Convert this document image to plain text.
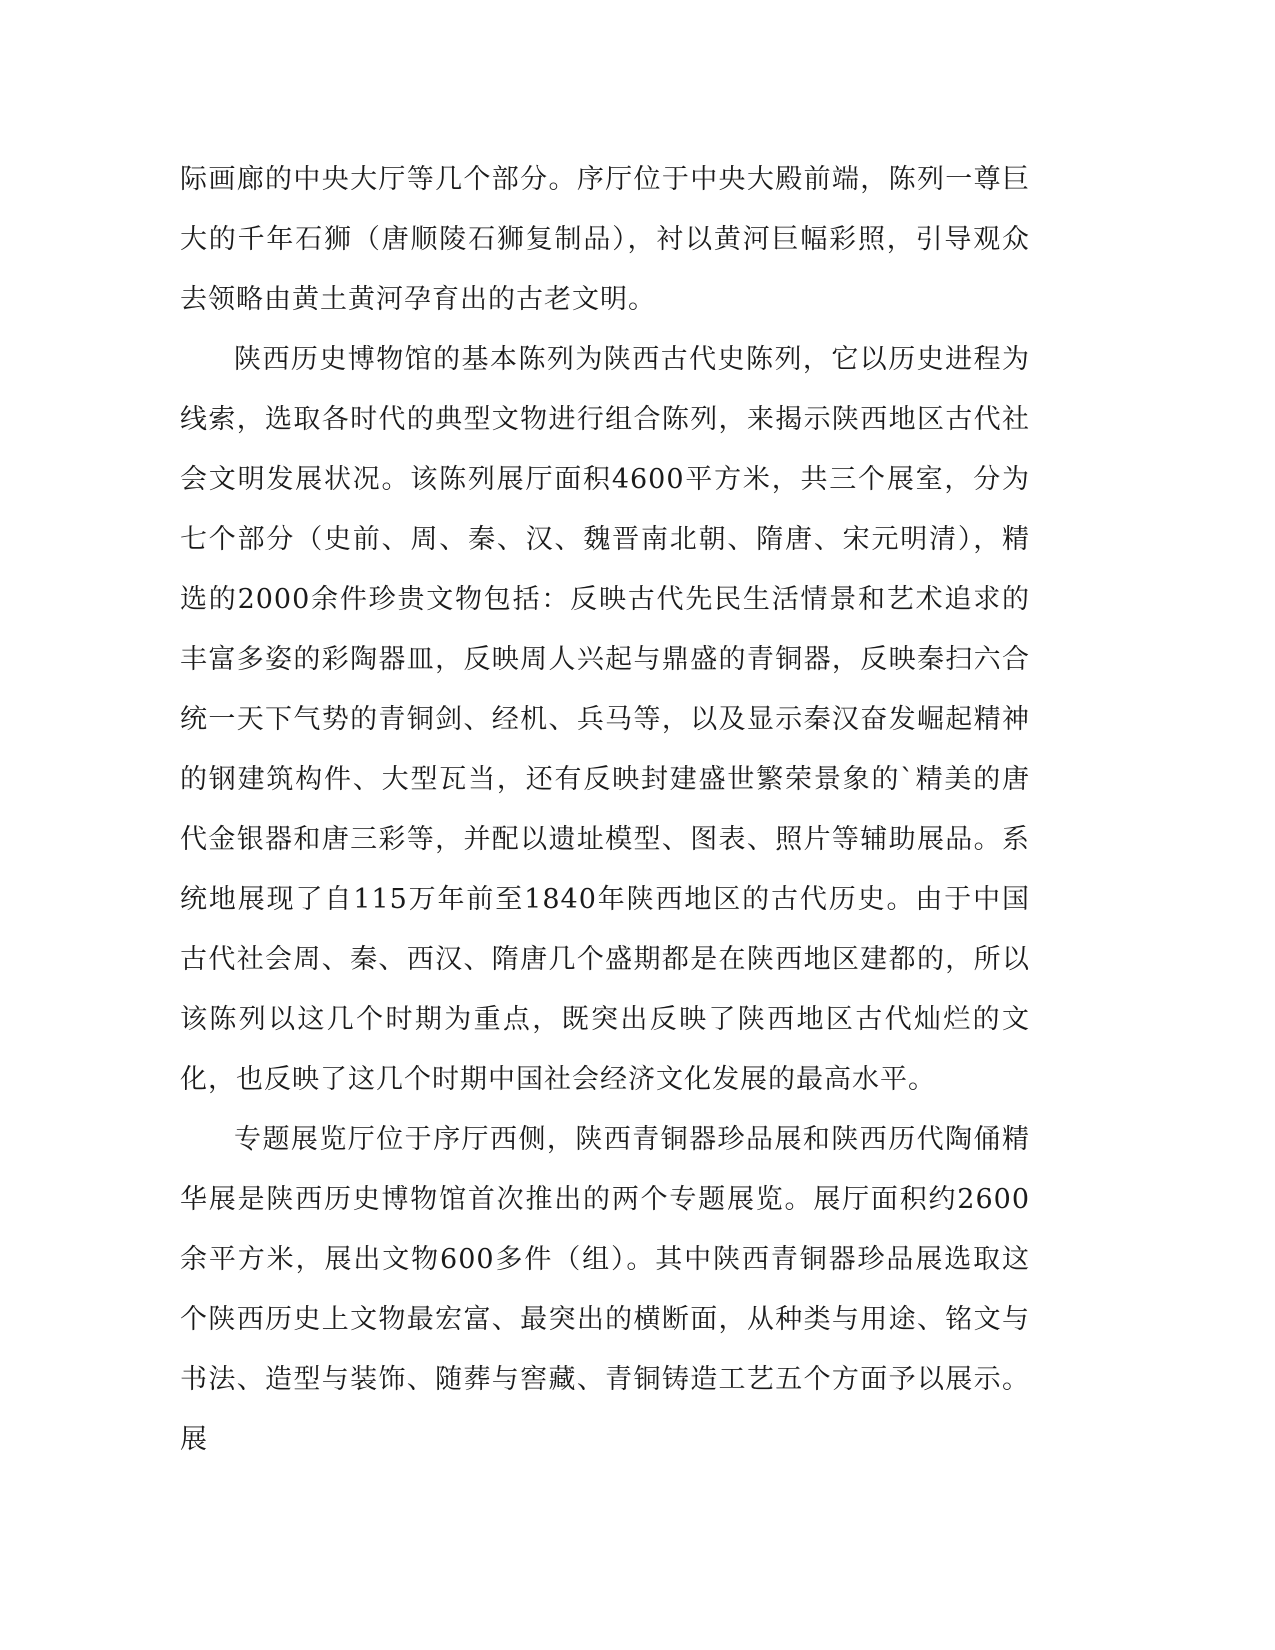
际画廊的中央大厅等几个部分。序厅位于中央大殿前端，陈列一尊巨大的千年石狮（唐顺陵石狮复制品），衬以黄河巨幅彩照，引导观众去领略由黄土黄河孕育出的古老文明。

陕西历史博物馆的基本陈列为陕西古代史陈列，它以历史进程为线索，选取各时代的典型文物进行组合陈列，来揭示陕西地区古代社会文明发展状况。该陈列展厅面积4600平方米，共三个展室，分为七个部分（史前、周、秦、汉、魏晋南北朝、隋唐、宋元明清），精选的2000余件珍贵文物包括：反映古代先民生活情景和艺术追求的丰富多姿的彩陶器皿，反映周人兴起与鼎盛的青铜器，反映秦扫六合统一天下气势的青铜剑、经机、兵马等，以及显示秦汉奋发崛起精神的钢建筑构件、大型瓦当，还有反映封建盛世繁荣景象的`精美的唐代金银器和唐三彩等，并配以遗址模型、图表、照片等辅助展品。系统地展现了自115万年前至1840年陕西地区的古代历史。由于中国古代社会周、秦、西汉、隋唐几个盛期都是在陕西地区建都的，所以该陈列以这几个时期为重点，既突出反映了陕西地区古代灿烂的文化，也反映了这几个时期中国社会经济文化发展的最高水平。

专题展览厅位于序厅西侧，陕西青铜器珍品展和陕西历代陶俑精华展是陕西历史博物馆首次推出的两个专题展览。展厅面积约2600余平方米，展出文物600多件（组）。其中陕西青铜器珍品展选取这个陕西历史上文物最宏富、最突出的横断面，从种类与用途、铭文与书法、造型与装饰、随葬与窖藏、青铜铸造工艺五个方面予以展示。展
